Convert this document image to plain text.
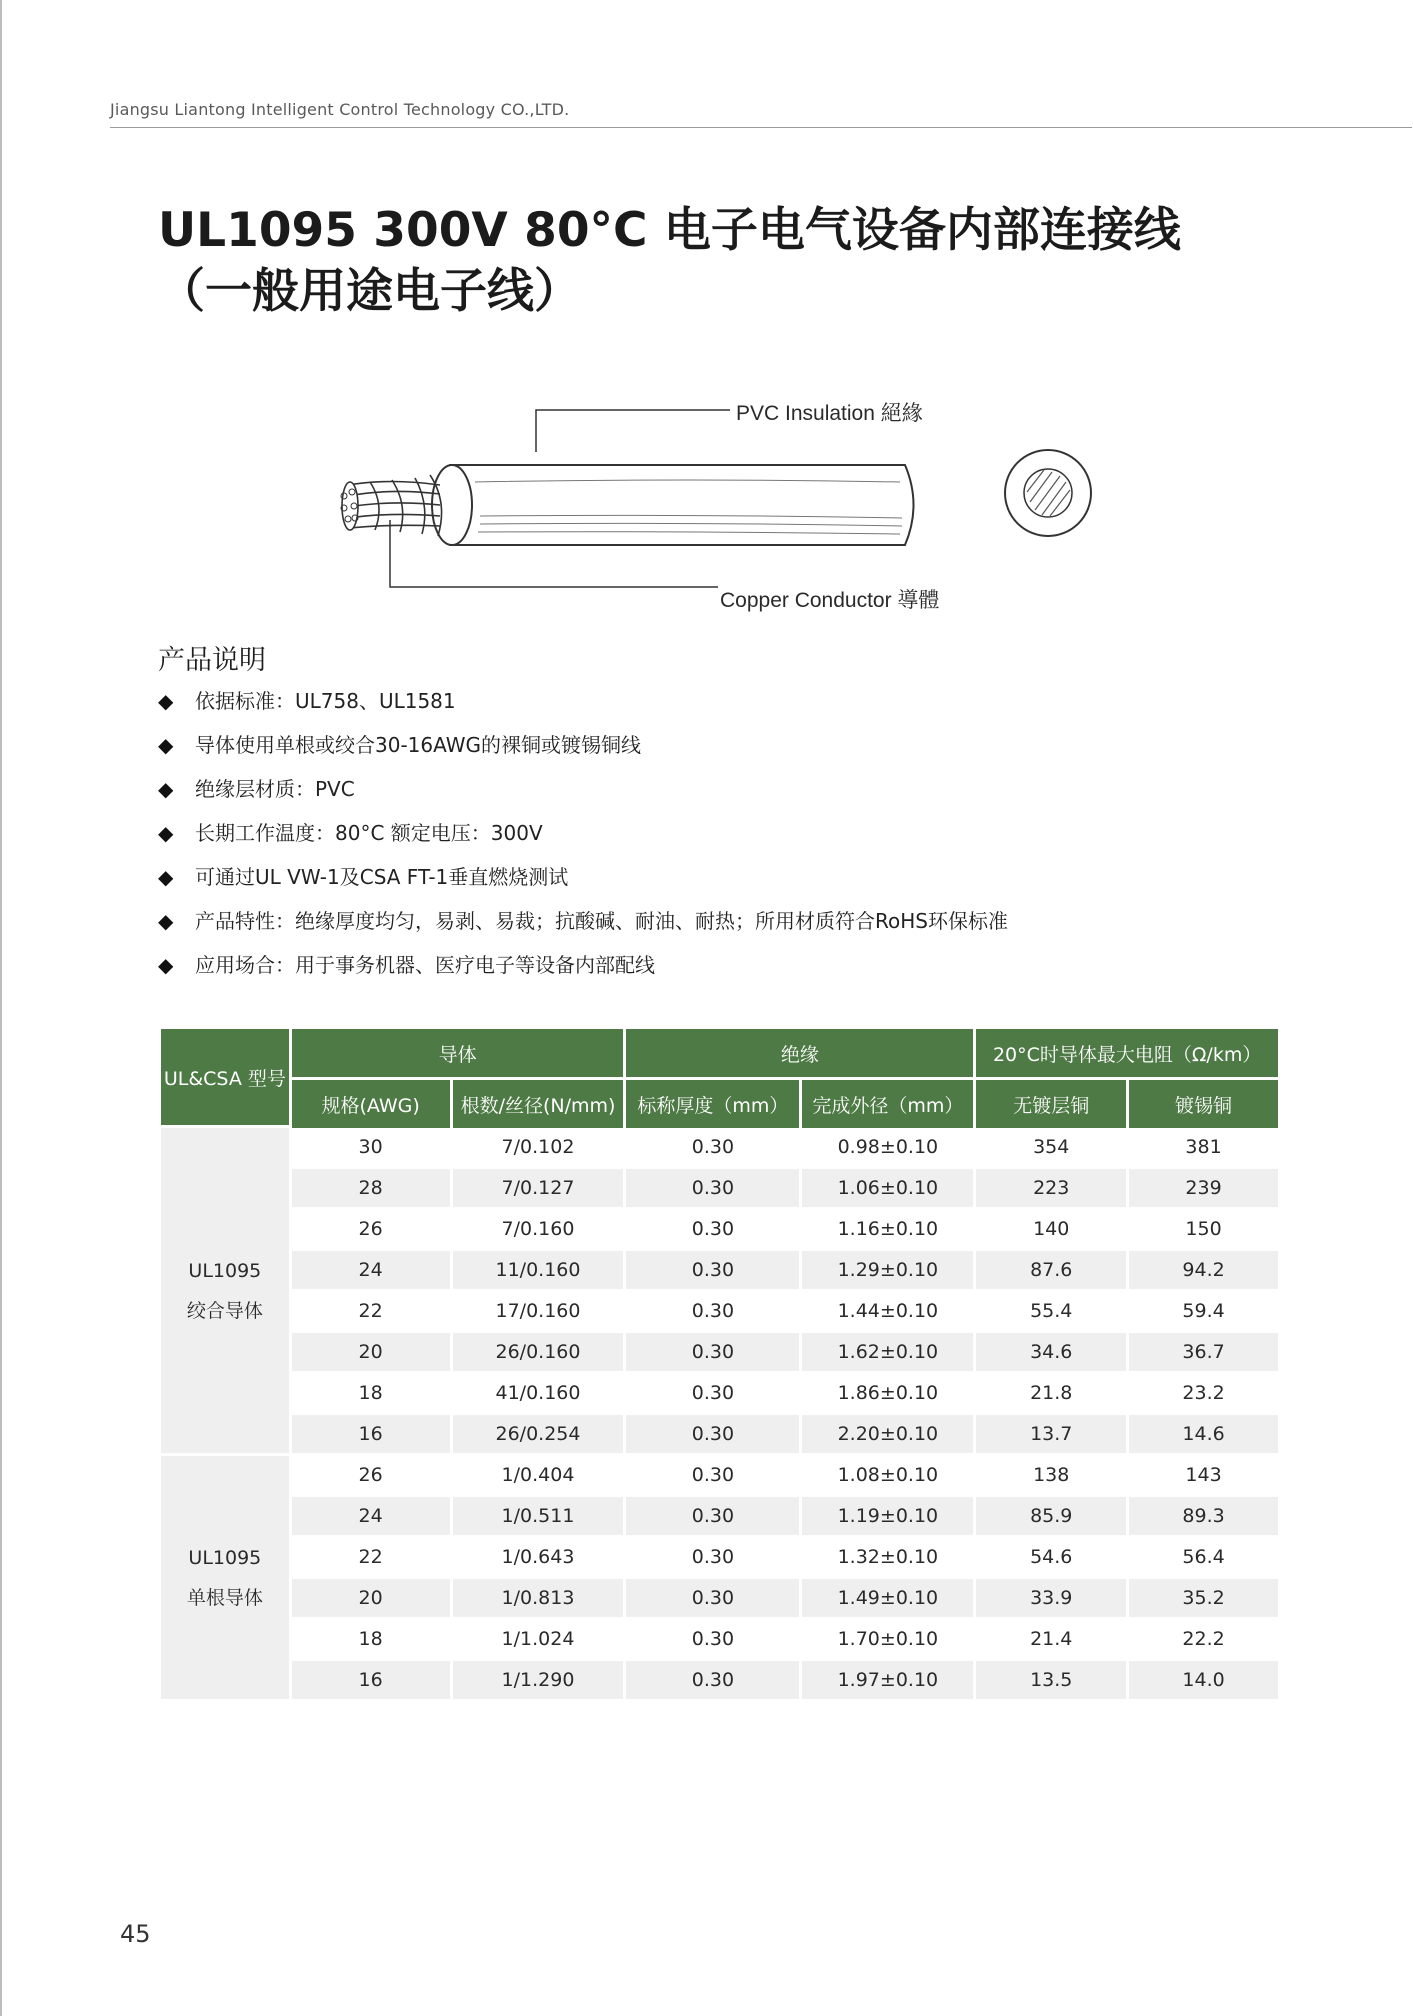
Jiangsu Liantong Intelligent Control Technology CO.,LTD.
UL1095 300V 80°C 电子电气设备内部连接线
（一般用途电子线）
PVC Insulation 絕緣
Copper Conductor 導體
产品说明
◆ 依据标准：UL758、UL1581
◆ 导体使用单根或绞合30-16AWG的裸铜或镀锡铜线
◆ 绝缘层材质：PVC
◆ 长期工作温度：80°C 额定电压：300V
◆ 可通过UL VW-1及CSA FT-1垂直燃烧测试
◆ 产品特性：绝缘厚度均匀，易剥、易裁；抗酸碱、耐油、耐热；所用材质符合RoHS环保标准
◆ 应用场合：用于事务机器、医疗电子等设备内部配线
UL&CSA 型号	导体		绝缘		20°C时导体最大电阻（Ω/km）	
	规格(AWG)	根数/丝径(N/mm)	标称厚度（mm）	完成外径（mm）	无镀层铜	镀锡铜

UL1095
绞合导体	30	7/0.102	0.30	0.98±0.10	354	381
	28	7/0.127	0.30	1.06±0.10	223	239
	26	7/0.160	0.30	1.16±0.10	140	150
	24	11/0.160	0.30	1.29±0.10	87.6	94.2
	22	17/0.160	0.30	1.44±0.10	55.4	59.4
	20	26/0.160	0.30	1.62±0.10	34.6	36.7
	18	41/0.160	0.30	1.86±0.10	21.8	23.2
	16	26/0.254	0.30	2.20±0.10	13.7	14.6

UL1095
单根导体	26	1/0.404	0.30	1.08±0.10	138	143
	24	1/0.511	0.30	1.19±0.10	85.9	89.3
	22	1/0.643	0.30	1.32±0.10	54.6	56.4
	20	1/0.813	0.30	1.49±0.10	33.9	35.2
	18	1/1.024	0.30	1.70±0.10	21.4	22.2
	16	1/1.290	0.30	1.97±0.10	13.5	14.0
45
